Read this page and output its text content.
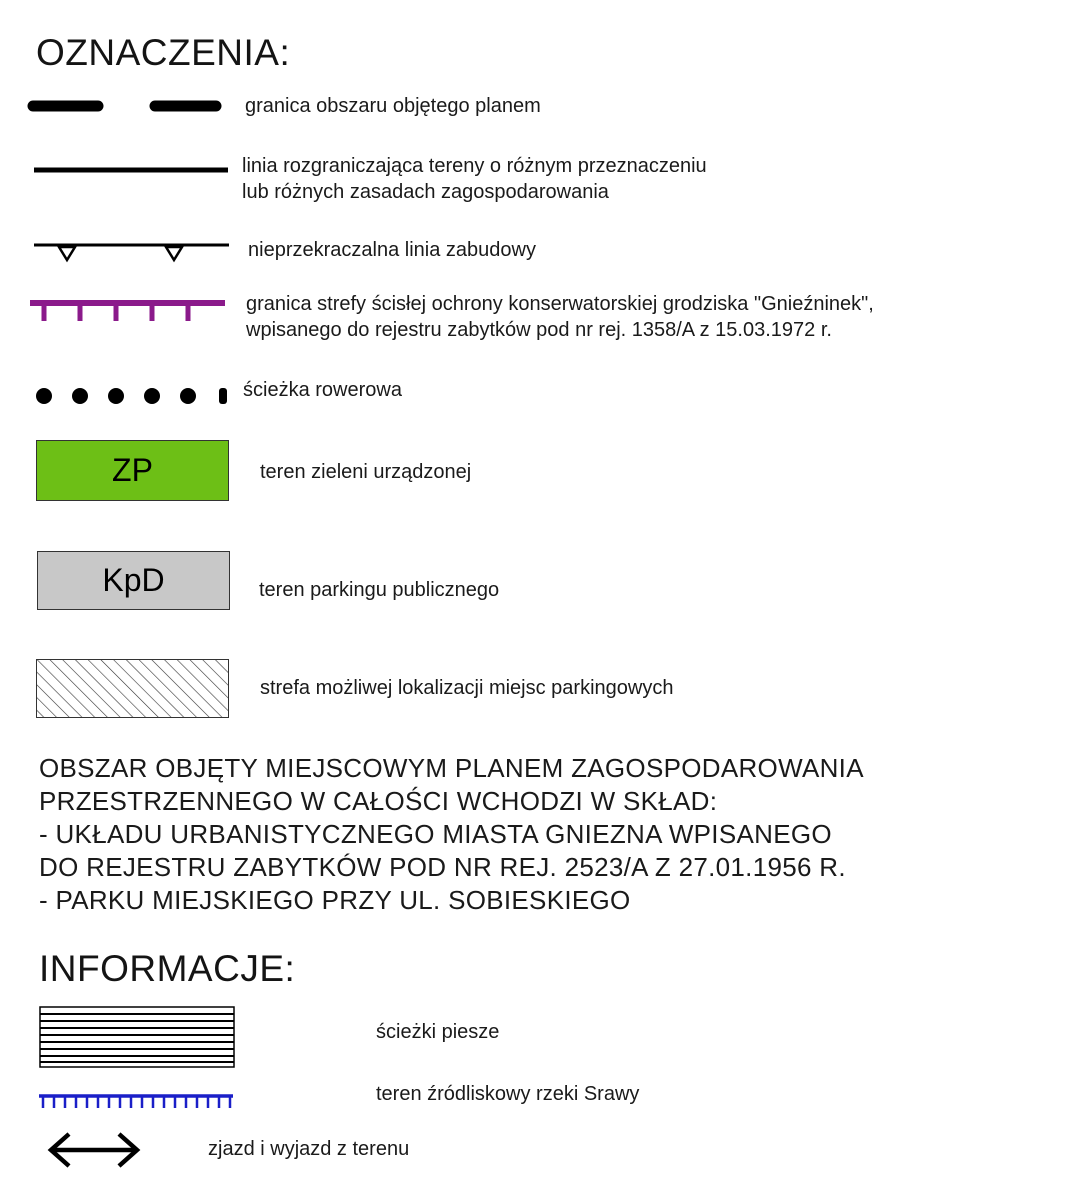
OZNACZENIA:
granica obszaru objętego planem
linia rozgraniczająca tereny o różnym przeznaczeniu
lub różnych zasadach zagospodarowania
nieprzekraczalna linia zabudowy
granica strefy ścisłej ochrony konserwatorskiej grodziska "Gnieźninek",
wpisanego do rejestru zabytków pod nr rej. 1358/A z 15.03.1972 r.
ścieżka rowerowa
ZP	teren zieleni urządzonej
KpD	teren parkingu publicznego
strefa możliwej lokalizacji miejsc parkingowych
OBSZAR OBJĘTY MIEJSCOWYM PLANEM ZAGOSPODAROWANIA
PRZESTRZENNEGO W CAŁOŚCI WCHODZI W SKŁAD:
- UKŁADU URBANISTYCZNEGO MIASTA GNIEZNA WPISANEGO
DO REJESTRU ZABYTKÓW POD NR REJ. 2523/A Z 27.01.1956 R.
- PARKU MIEJSKIEGO PRZY UL. SOBIESKIEGO
INFORMACJE:
ścieżki piesze
teren źródliskowy rzeki Srawy
zjazd i wyjazd z terenu
